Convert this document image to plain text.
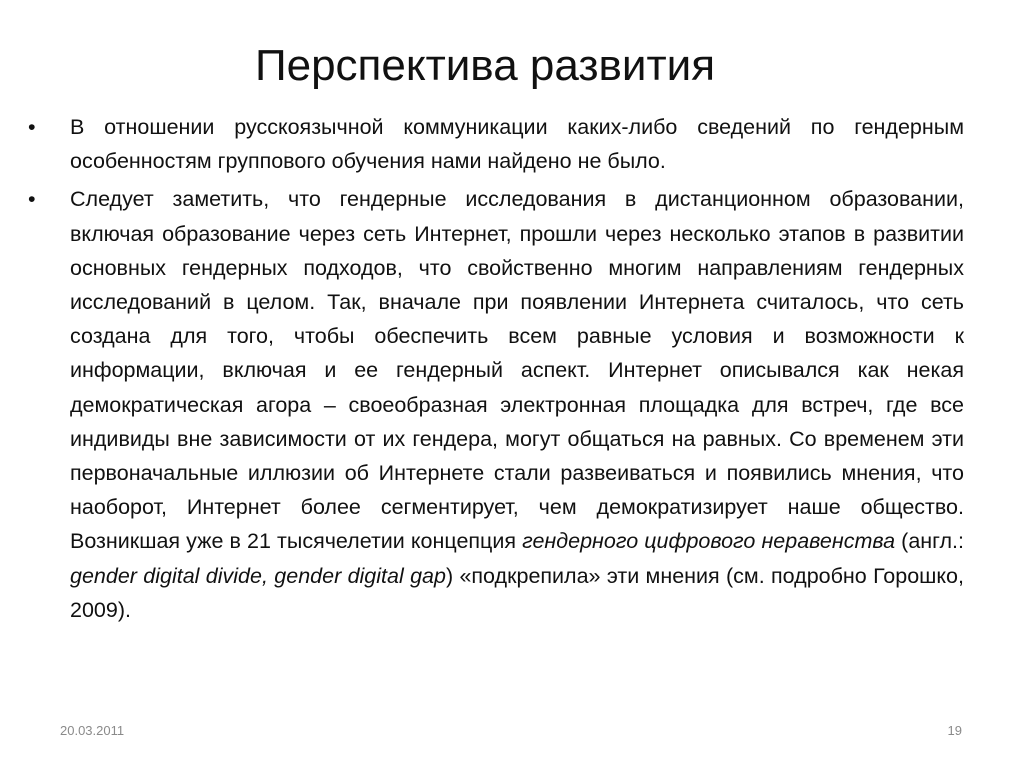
Перспектива развития
•	В отношении русскоязычной коммуникации каких-либо сведений по гендерным особенностям группового обучения нами найдено не было.
•	Следует заметить, что гендерные исследования в дистанционном образовании, включая образование через сеть Интернет, прошли через несколько этапов в развитии основных гендерных подходов, что свойственно многим направлениям гендерных исследований в целом. Так, вначале при появлении Интернета считалось, что сеть создана для того, чтобы обеспечить всем равные условия и возможности к информации, включая и ее гендерный аспект. Интернет описывался как некая демократическая агора – своеобразная электронная площадка для встреч, где все индивиды вне зависимости от их гендера, могут общаться на равных. Со временем эти первоначальные иллюзии об Интернете стали развеиваться и появились мнения, что наоборот, Интернет более сегментирует, чем демократизирует наше общество. Возникшая уже в 21 тысячелетии концепция гендерного цифрового неравенства (англ.: gender digital divide, gender digital gap) «подкрепила» эти мнения (см. подробно Горошко, 2009).
20.03.2011	19
